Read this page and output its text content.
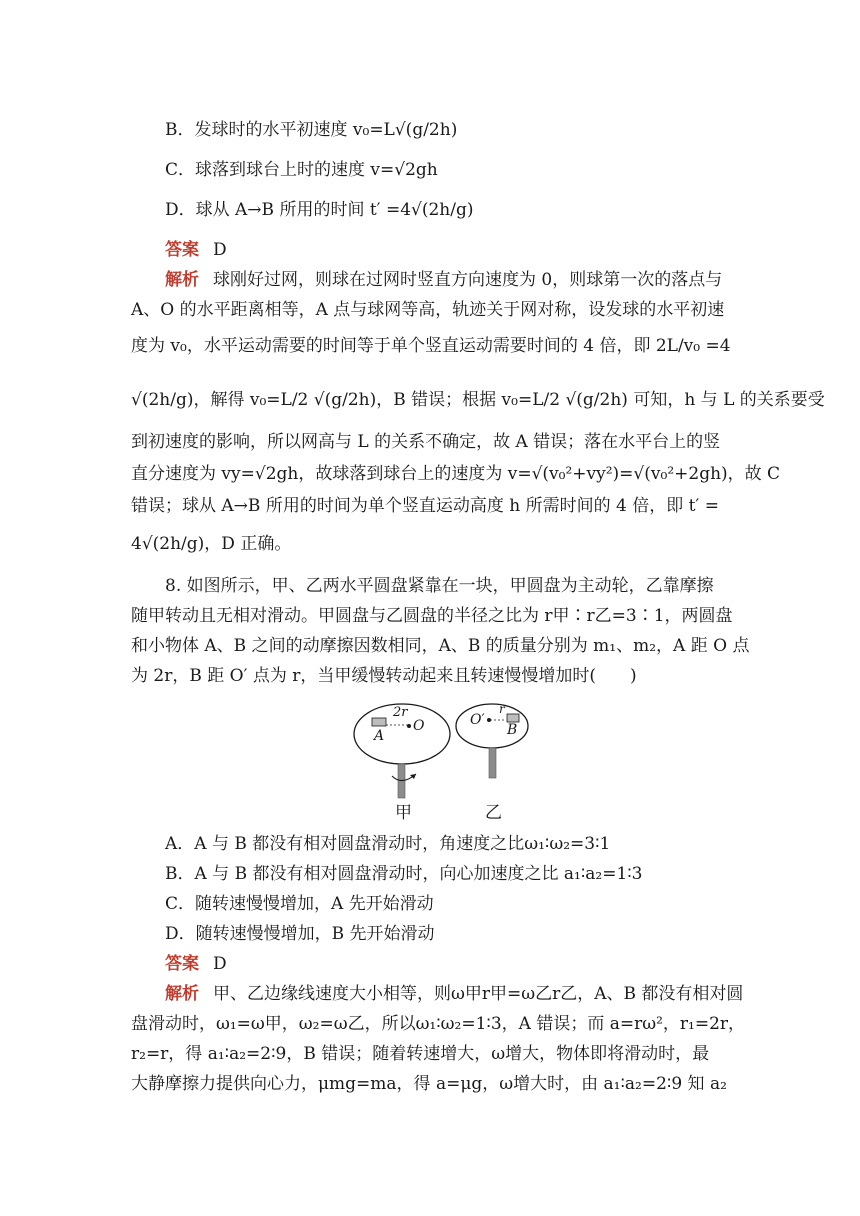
B．发球时的水平初速度 v₀=L√(g/2h)
C．球落到球台上时的速度 v=√2gh
D．球从 A→B 所用的时间 t′ =4√(2h/g)
答案 D
解析 球刚好过网，则球在过网时竖直方向速度为 0，则球第一次的落点与
A、O 的水平距离相等，A 点与球网等高，轨迹关于网对称，设发球的水平初速
度为 v₀，水平运动需要的时间等于单个竖直运动需要时间的 4 倍，即 2L/v₀ =4
√(2h/g)，解得 v₀=L/2 √(g/2h)，B 错误；根据 v₀=L/2 √(g/2h) 可知，h 与 L 的关系要受
到初速度的影响，所以网高与 L 的关系不确定，故 A 错误；落在水平台上的竖
直分速度为 vy=√2gh，故球落到球台上的速度为 v=√(v₀²+vy²)=√(v₀²+2gh)，故 C
错误；球从 A→B 所用的时间为单个竖直运动高度 h 所需时间的 4 倍，即 t′ =
4√(2h/g)，D 正确。
8. 如图所示，甲、乙两水平圆盘紧靠在一块，甲圆盘为主动轮，乙靠摩擦
随甲转动且无相对滑动。甲圆盘与乙圆盘的半径之比为 r甲∶r乙=3∶1，两圆盘
和小物体 A、B 之间的动摩擦因数相同，A、B 的质量分别为 m₁、m₂，A 距 O 点
为 2r，B 距 O′ 点为 r，当甲缓慢转动起来且转速慢慢增加时(　　)
2r
O
A
O′
r
B
甲	乙
A．A 与 B 都没有相对圆盘滑动时，角速度之比ω₁∶ω₂=3∶1
B．A 与 B 都没有相对圆盘滑动时，向心加速度之比 a₁∶a₂=1∶3
C．随转速慢慢增加，A 先开始滑动
D．随转速慢慢增加，B 先开始滑动
答案 D
解析 甲、乙边缘线速度大小相等，则ω甲r甲=ω乙r乙，A、B 都没有相对圆
盘滑动时，ω₁=ω甲，ω₂=ω乙，所以ω₁∶ω₂=1∶3，A 错误；而 a=rω²，r₁=2r，
r₂=r，得 a₁∶a₂=2∶9，B 错误；随着转速增大，ω增大，物体即将滑动时，最
大静摩擦力提供向心力，μmg=ma，得 a=μg，ω增大时，由 a₁∶a₂=2∶9 知 a₂
